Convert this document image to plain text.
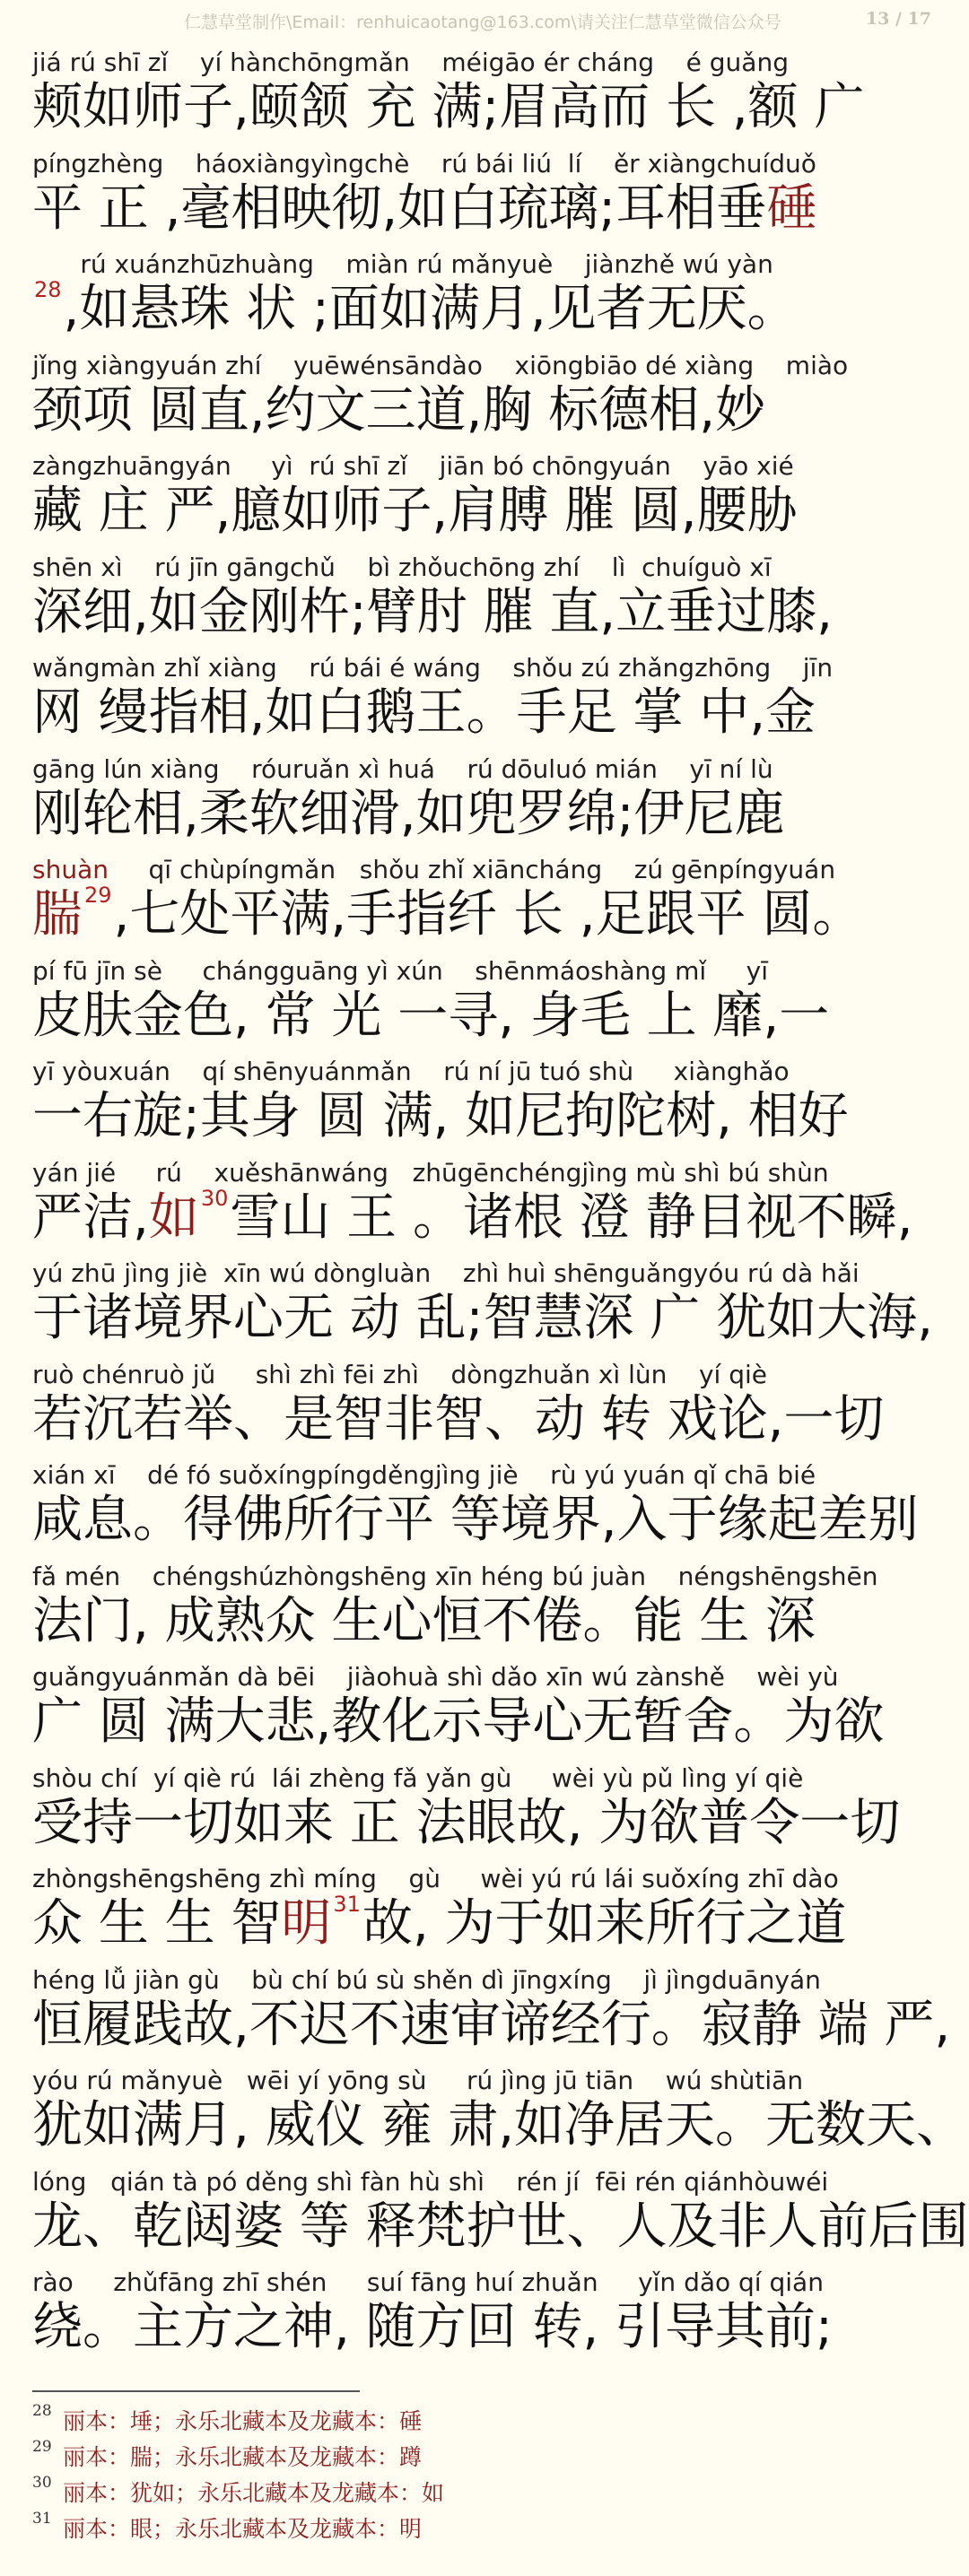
仁慧草堂制作\Email：renhuicaotang@163.com\请关注仁慧草堂微信公众号	13 / 17
jiá rú shī zǐ    yí hànchōngmǎn    méigāo ér cháng    é guǎng
颊如师子,颐颔 充 满;眉高而 长 ,额 广
píngzhèng    háoxiàngyìngchè    rú bái liú  lí    ěr xiàngchuíduǒ
平 正 ,毫相映彻,如白琉璃;耳相垂 硾
rú xuánzhūzhuàng    miàn rú mǎnyuè    jiànzhě wú yàn
28 ,如悬珠 状 ;面如满月,见者无厌。
jǐng xiàngyuán zhí    yuēwénsāndào    xiōngbiāo dé xiàng    miào
颈项 圆直,约文三道,胸 标德相,妙
zàngzhuāngyán     yì  rú shī zǐ    jiān bó chōngyuán    yāo xié
藏 庄 严,臆如师子,肩膊 膗 圆,腰胁
shēn xì    rú jīn gāngchǔ    bì zhǒuchōng zhí    lì  chuíguò xī
深细,如金刚杵;臂肘 膗 直,立垂过膝,
wǎngmàn zhǐ xiàng    rú bái é wáng    shǒu zú zhǎngzhōng    jīn
网 缦指相,如白鹅王。手足 掌 中,金
gāng lún xiàng    róuruǎn xì huá    rú dōuluó mián    yī ní lù
刚轮相,柔软细滑,如兜罗绵;伊尼鹿
shuàn qī chùpíngmǎn   shǒu zhǐ xiāncháng    zú gēnpíngyuán
腨 29 ,七处平满,手指纤 长 ,足跟平 圆。
pí fū jīn sè     chángguāng yì xún    shēnmáoshàng mǐ     yī
皮肤金色, 常 光 一寻, 身毛 上 靡,一
yī yòuxuán    qí shēnyuánmǎn    rú ní jū tuó shù     xiànghǎo
一右旋;其身 圆 满, 如尼拘陀树, 相好
yán jié     rú    xuěshānwáng   zhūgēnchéngjìng mù shì bú shùn
严洁, 如 30 雪山 王 。诸根 澄 静目视不瞬,
yú zhū jìng jiè  xīn wú dòngluàn    zhì huì shēnguǎngyóu rú dà hǎi
于诸境界心无 动 乱;智慧深 广 犹如大海,
ruò chénruò jǔ     shì zhì fēi zhì    dòngzhuǎn xì lùn    yí qiè
若沉若举、是智非智、动 转 戏论,一切
xián xī    dé fó suǒxíngpíngděngjìng jiè    rù yú yuán qǐ chā bié
咸息。得佛所行平 等境界,入于缘起差别
fǎ mén    chéngshúzhòngshēng xīn héng bú juàn    néngshēngshēn
法门, 成熟众 生心恒不倦。能 生 深
guǎngyuánmǎn dà bēi    jiàohuà shì dǎo xīn wú zànshě    wèi yù
广 圆 满大悲,教化示导心无暂舍。为欲
shòu chí  yí qiè rú  lái zhèng fǎ yǎn gù     wèi yù pǔ lìng yí qiè
受持一切如来 正 法眼故, 为欲普令一切
zhòngshēngshēng zhì míng    gù     wèi yú rú lái suǒxíng zhī dào
众 生 生 智 明 31 故, 为于如来所行之道
héng lǚ jiàn gù    bù chí bú sù shěn dì jīngxíng    jì jìngduānyán
恒履践故,不迟不速审谛经行。寂静 端 严,
yóu rú mǎnyuè   wēi yí yōng sù     rú jìng jū tiān    wú shùtiān
犹如满月, 威仪 雍 肃,如净居天。无数天、
lóng   qián tà pó děng shì fàn hù shì    rén jí  fēi rén qiánhòuwéi
龙、乾闼婆 等 释梵护世、人及非人前后围
rào     zhǔfāng zhī shén     suí fāng huí zhuǎn     yǐn dǎo qí qián
绕。主方之神, 随方回 转, 引导其前;
28 丽本：埵；永乐北藏本及龙藏本：硾
29 丽本：腨；永乐北藏本及龙藏本：蹲
30 丽本：犹如；永乐北藏本及龙藏本：如
31 丽本：眼；永乐北藏本及龙藏本：明
